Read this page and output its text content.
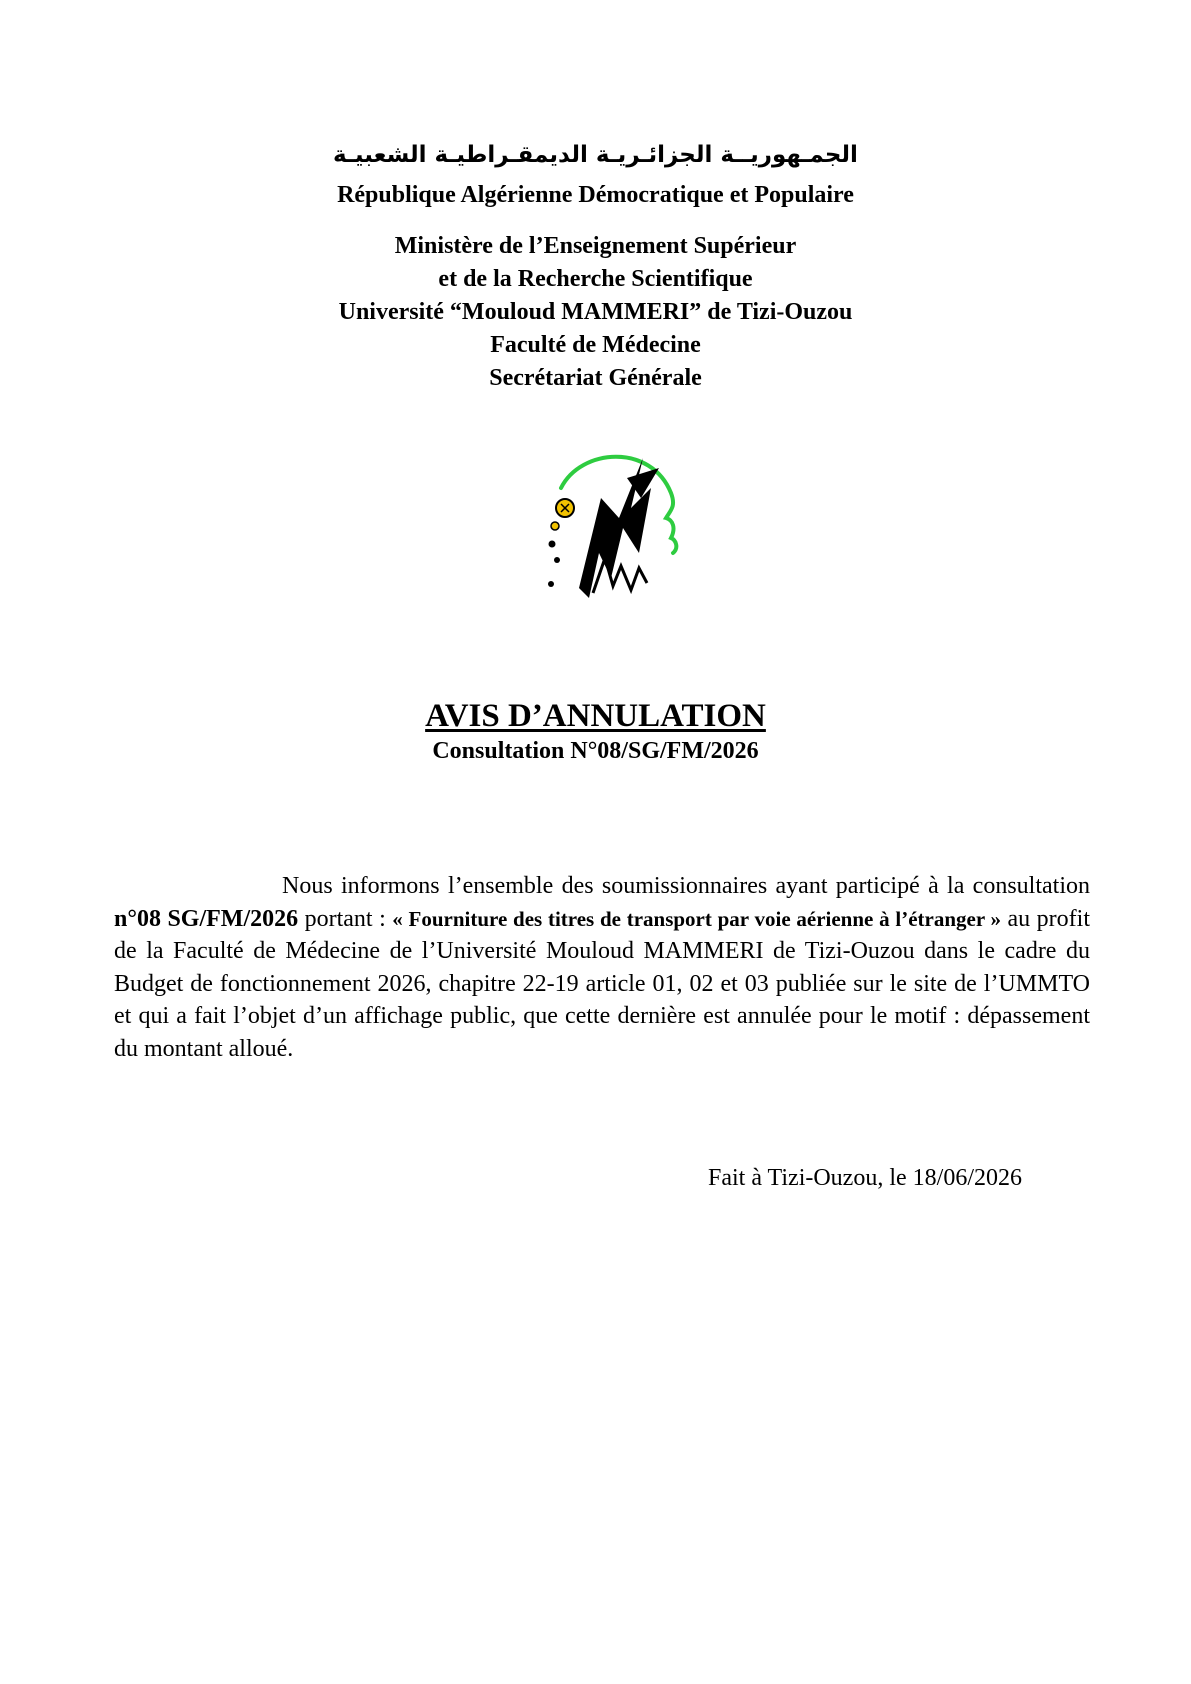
الجمـهوريــة الجزائـريـة الديمقـراطيـة الشعبيـة
République Algérienne Démocratique et Populaire
Ministère de l’Enseignement Supérieur
et de la Recherche Scientifique
Université “Mouloud MAMMERI” de Tizi-Ouzou
Faculté de Médecine
Secrétariat Générale
AVIS D’ANNULATION
Consultation N°08/SG/FM/2026
Nous informons l’ensemble des soumissionnaires ayant participé à la consultation n°08 SG/FM/2026 portant : « Fourniture des titres de transport par voie aérienne à l’étranger » au profit de la Faculté de Médecine de l’Université Mouloud MAMMERI de Tizi-Ouzou dans le cadre du Budget de fonctionnement 2026, chapitre 22-19 article 01, 02 et 03 publiée sur le site de l’UMMTO et qui a fait l’objet d’un affichage public, que cette dernière est annulée pour le motif : dépassement du montant alloué.
Fait à Tizi-Ouzou, le 18/06/2026
